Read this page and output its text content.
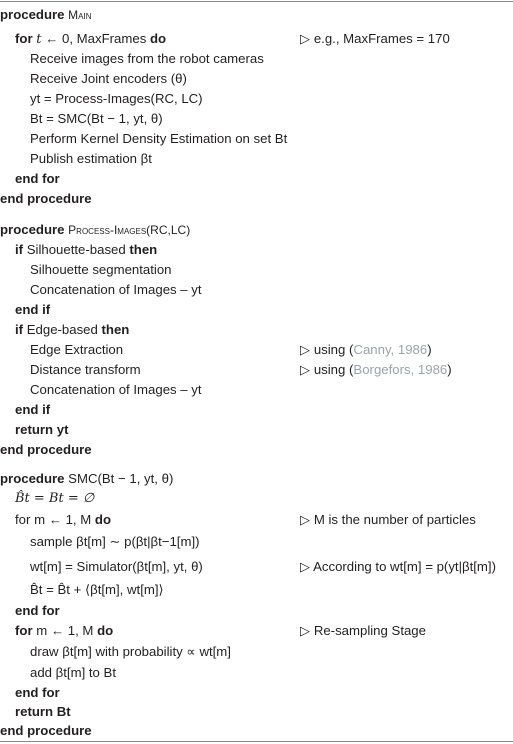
procedure Main
for t ← 0, MaxFrames do	▷ e.g., MaxFrames = 170
Receive images from the robot cameras
Receive Joint encoders (θ)
yt = Process-Images(RC, LC)
Bt = SMC(Bt − 1, yt, θ)
Perform Kernel Density Estimation on set Bt
Publish estimation βt
end for
end procedure
procedure Process-Images(RC,LC)
if Silhouette-based then
Silhouette segmentation
Concatenation of Images – yt
end if
if Edge-based then
Edge Extraction	▷ using (Canny, 1986)
Distance transform	▷ using (Borgefors, 1986)
Concatenation of Images – yt
end if
return yt
end procedure
procedure SMC(Bt − 1, yt, θ)
B̂t = Bt = ∅
for m ← 1, M do	▷ M is the number of particles
sample βt[m] ∼ p(βt|βt−1[m])
wt[m] = Simulator(βt[m], yt, θ)	▷ According to wt[m] = p(yt|βt[m])
B̂t = B̂t + ⟨βt[m], wt[m]⟩
end for
for m ← 1, M do	▷ Re-sampling Stage
draw βt[m] with probability ∝ wt[m]
add βt[m] to Bt
end for
return Bt
end procedure
